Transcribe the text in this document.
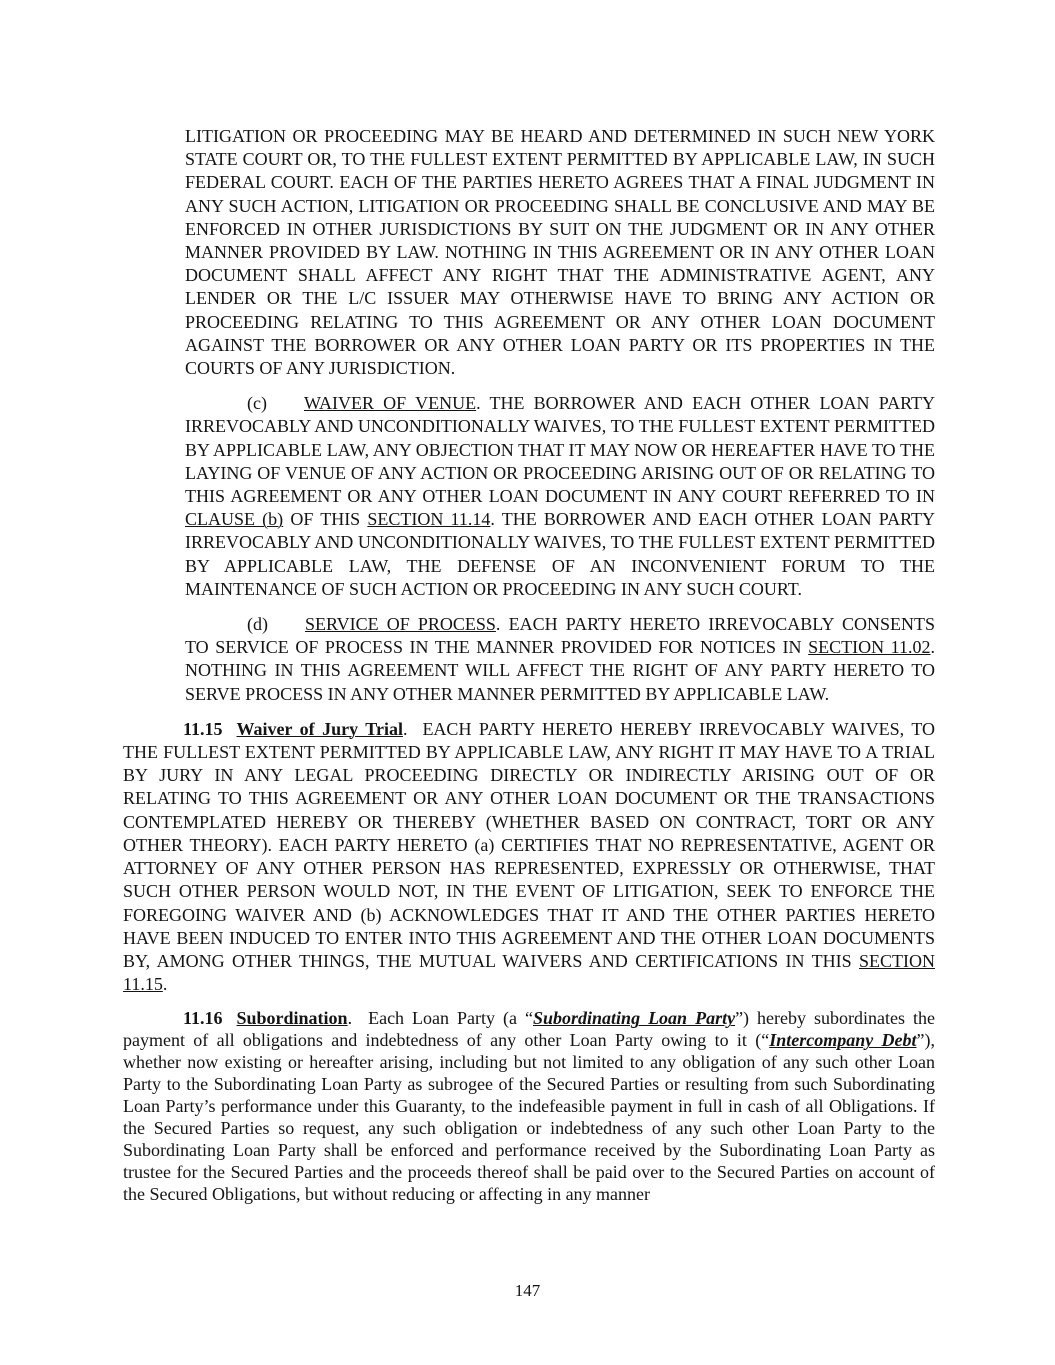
LITIGATION OR PROCEEDING MAY BE HEARD AND DETERMINED IN SUCH NEW YORK STATE COURT OR, TO THE FULLEST EXTENT PERMITTED BY APPLICABLE LAW, IN SUCH FEDERAL COURT. EACH OF THE PARTIES HERETO AGREES THAT A FINAL JUDGMENT IN ANY SUCH ACTION, LITIGATION OR PROCEEDING SHALL BE CONCLUSIVE AND MAY BE ENFORCED IN OTHER JURISDICTIONS BY SUIT ON THE JUDGMENT OR IN ANY OTHER MANNER PROVIDED BY LAW. NOTHING IN THIS AGREEMENT OR IN ANY OTHER LOAN DOCUMENT SHALL AFFECT ANY RIGHT THAT THE ADMINISTRATIVE AGENT, ANY LENDER OR THE L/C ISSUER MAY OTHERWISE HAVE TO BRING ANY ACTION OR PROCEEDING RELATING TO THIS AGREEMENT OR ANY OTHER LOAN DOCUMENT AGAINST THE BORROWER OR ANY OTHER LOAN PARTY OR ITS PROPERTIES IN THE COURTS OF ANY JURISDICTION.
(c) WAIVER OF VENUE. THE BORROWER AND EACH OTHER LOAN PARTY IRREVOCABLY AND UNCONDITIONALLY WAIVES, TO THE FULLEST EXTENT PERMITTED BY APPLICABLE LAW, ANY OBJECTION THAT IT MAY NOW OR HEREAFTER HAVE TO THE LAYING OF VENUE OF ANY ACTION OR PROCEEDING ARISING OUT OF OR RELATING TO THIS AGREEMENT OR ANY OTHER LOAN DOCUMENT IN ANY COURT REFERRED TO IN CLAUSE (b) OF THIS SECTION 11.14. THE BORROWER AND EACH OTHER LOAN PARTY IRREVOCABLY AND UNCONDITIONALLY WAIVES, TO THE FULLEST EXTENT PERMITTED BY APPLICABLE LAW, THE DEFENSE OF AN INCONVENIENT FORUM TO THE MAINTENANCE OF SUCH ACTION OR PROCEEDING IN ANY SUCH COURT.
(d) SERVICE OF PROCESS. EACH PARTY HERETO IRREVOCABLY CONSENTS TO SERVICE OF PROCESS IN THE MANNER PROVIDED FOR NOTICES IN SECTION 11.02. NOTHING IN THIS AGREEMENT WILL AFFECT THE RIGHT OF ANY PARTY HERETO TO SERVE PROCESS IN ANY OTHER MANNER PERMITTED BY APPLICABLE LAW.
11.15 Waiver of Jury Trial.  EACH PARTY HERETO HEREBY IRREVOCABLY WAIVES, TO THE FULLEST EXTENT PERMITTED BY APPLICABLE LAW, ANY RIGHT IT MAY HAVE TO A TRIAL BY JURY IN ANY LEGAL PROCEEDING DIRECTLY OR INDIRECTLY ARISING OUT OF OR RELATING TO THIS AGREEMENT OR ANY OTHER LOAN DOCUMENT OR THE TRANSACTIONS CONTEMPLATED HEREBY OR THEREBY (WHETHER BASED ON CONTRACT, TORT OR ANY OTHER THEORY). EACH PARTY HERETO (a) CERTIFIES THAT NO REPRESENTATIVE, AGENT OR ATTORNEY OF ANY OTHER PERSON HAS REPRESENTED, EXPRESSLY OR OTHERWISE, THAT SUCH OTHER PERSON WOULD NOT, IN THE EVENT OF LITIGATION, SEEK TO ENFORCE THE FOREGOING WAIVER AND (b) ACKNOWLEDGES THAT IT AND THE OTHER PARTIES HERETO HAVE BEEN INDUCED TO ENTER INTO THIS AGREEMENT AND THE OTHER LOAN DOCUMENTS BY, AMONG OTHER THINGS, THE MUTUAL WAIVERS AND CERTIFICATIONS IN THIS SECTION 11.15.
11.16 Subordination.  Each Loan Party (a “Subordinating Loan Party”) hereby subordinates the payment of all obligations and indebtedness of any other Loan Party owing to it (“Intercompany Debt”), whether now existing or hereafter arising, including but not limited to any obligation of any such other Loan Party to the Subordinating Loan Party as subrogee of the Secured Parties or resulting from such Subordinating Loan Party’s performance under this Guaranty, to the indefeasible payment in full in cash of all Obligations. If the Secured Parties so request, any such obligation or indebtedness of any such other Loan Party to the Subordinating Loan Party shall be enforced and performance received by the Subordinating Loan Party as trustee for the Secured Parties and the proceeds thereof shall be paid over to the Secured Parties on account of the Secured Obligations, but without reducing or affecting in any manner
147
